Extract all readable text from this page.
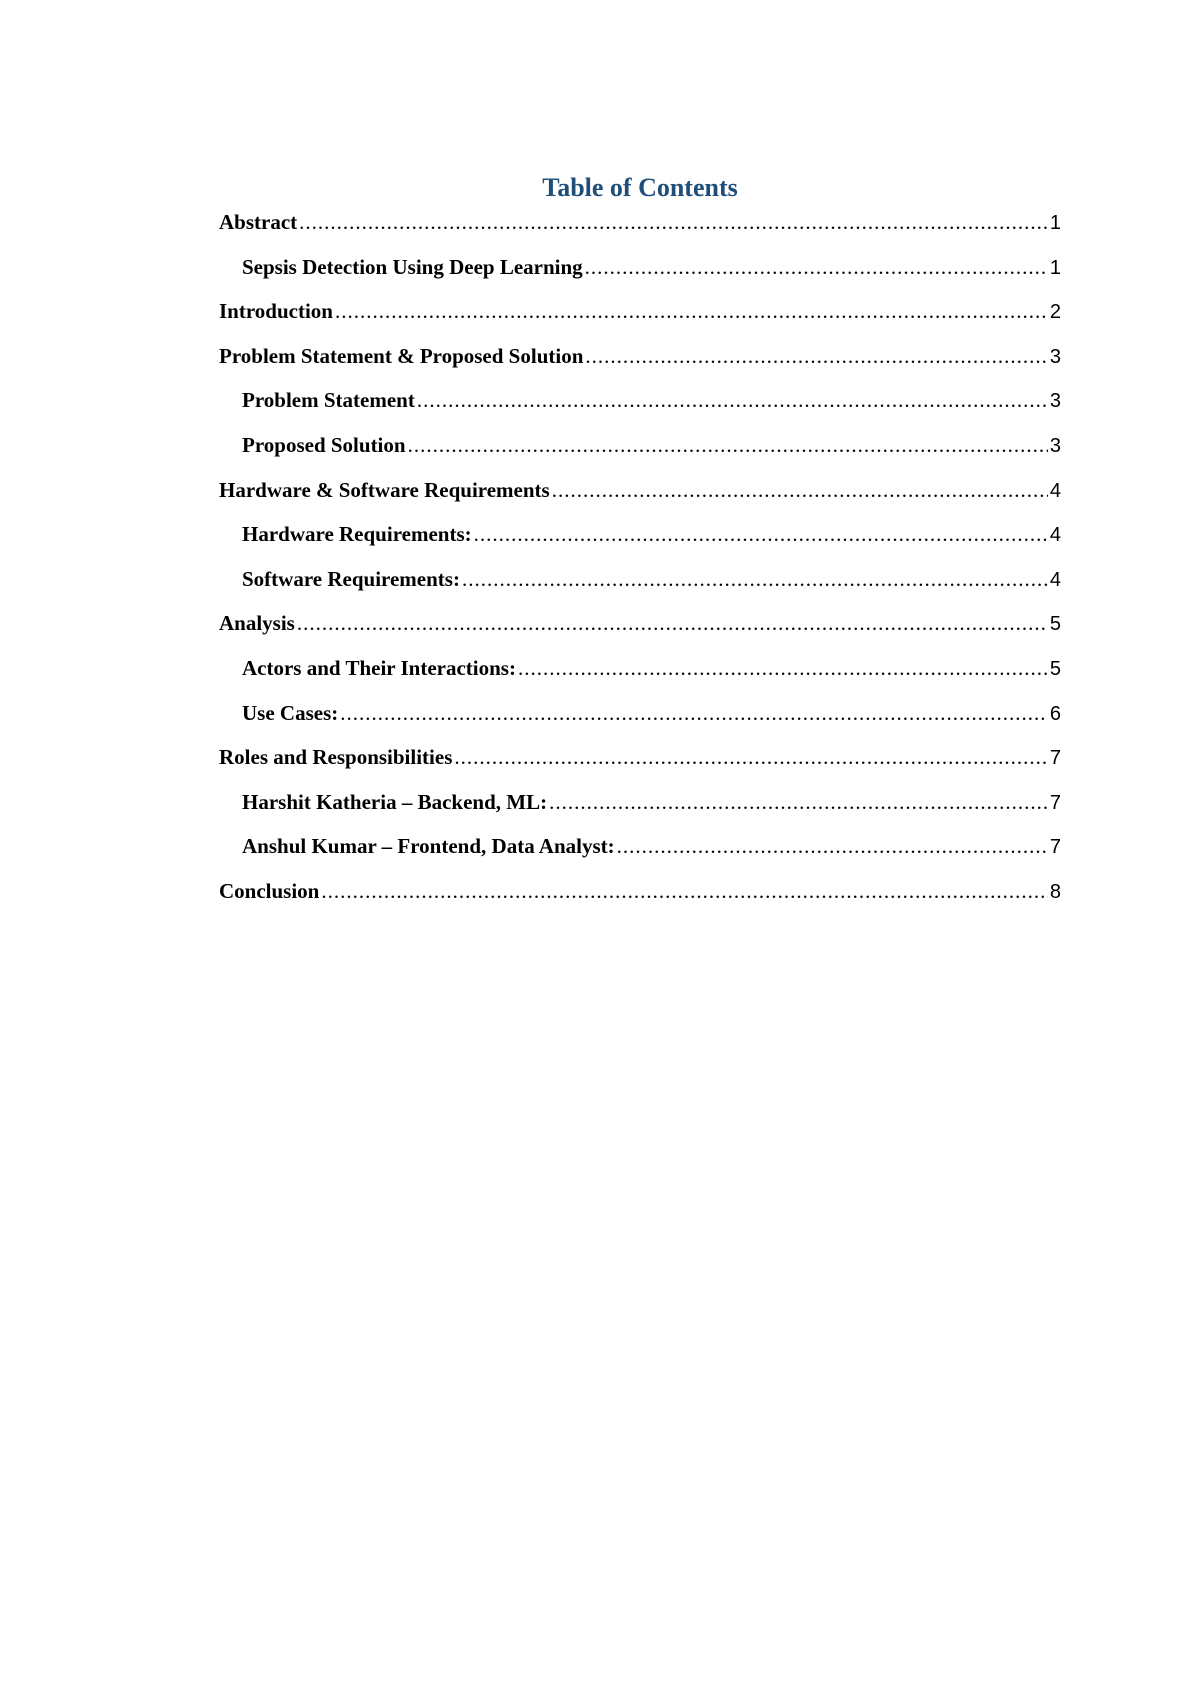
Table of Contents
Abstract .....	1
Sepsis Detection Using Deep Learning .....	1
Introduction .....	2
Problem Statement & Proposed Solution .....	3
Problem Statement .....	3
Proposed Solution .....	3
Hardware & Software Requirements .....	4
Hardware Requirements: .....	4
Software Requirements: .....	4
Analysis .....	5
Actors and Their Interactions: .....	5
Use Cases: .....	6
Roles and Responsibilities .....	7
Harshit Katheria – Backend, ML: .....	7
Anshul Kumar – Frontend, Data Analyst: .....	7
Conclusion .....	8
